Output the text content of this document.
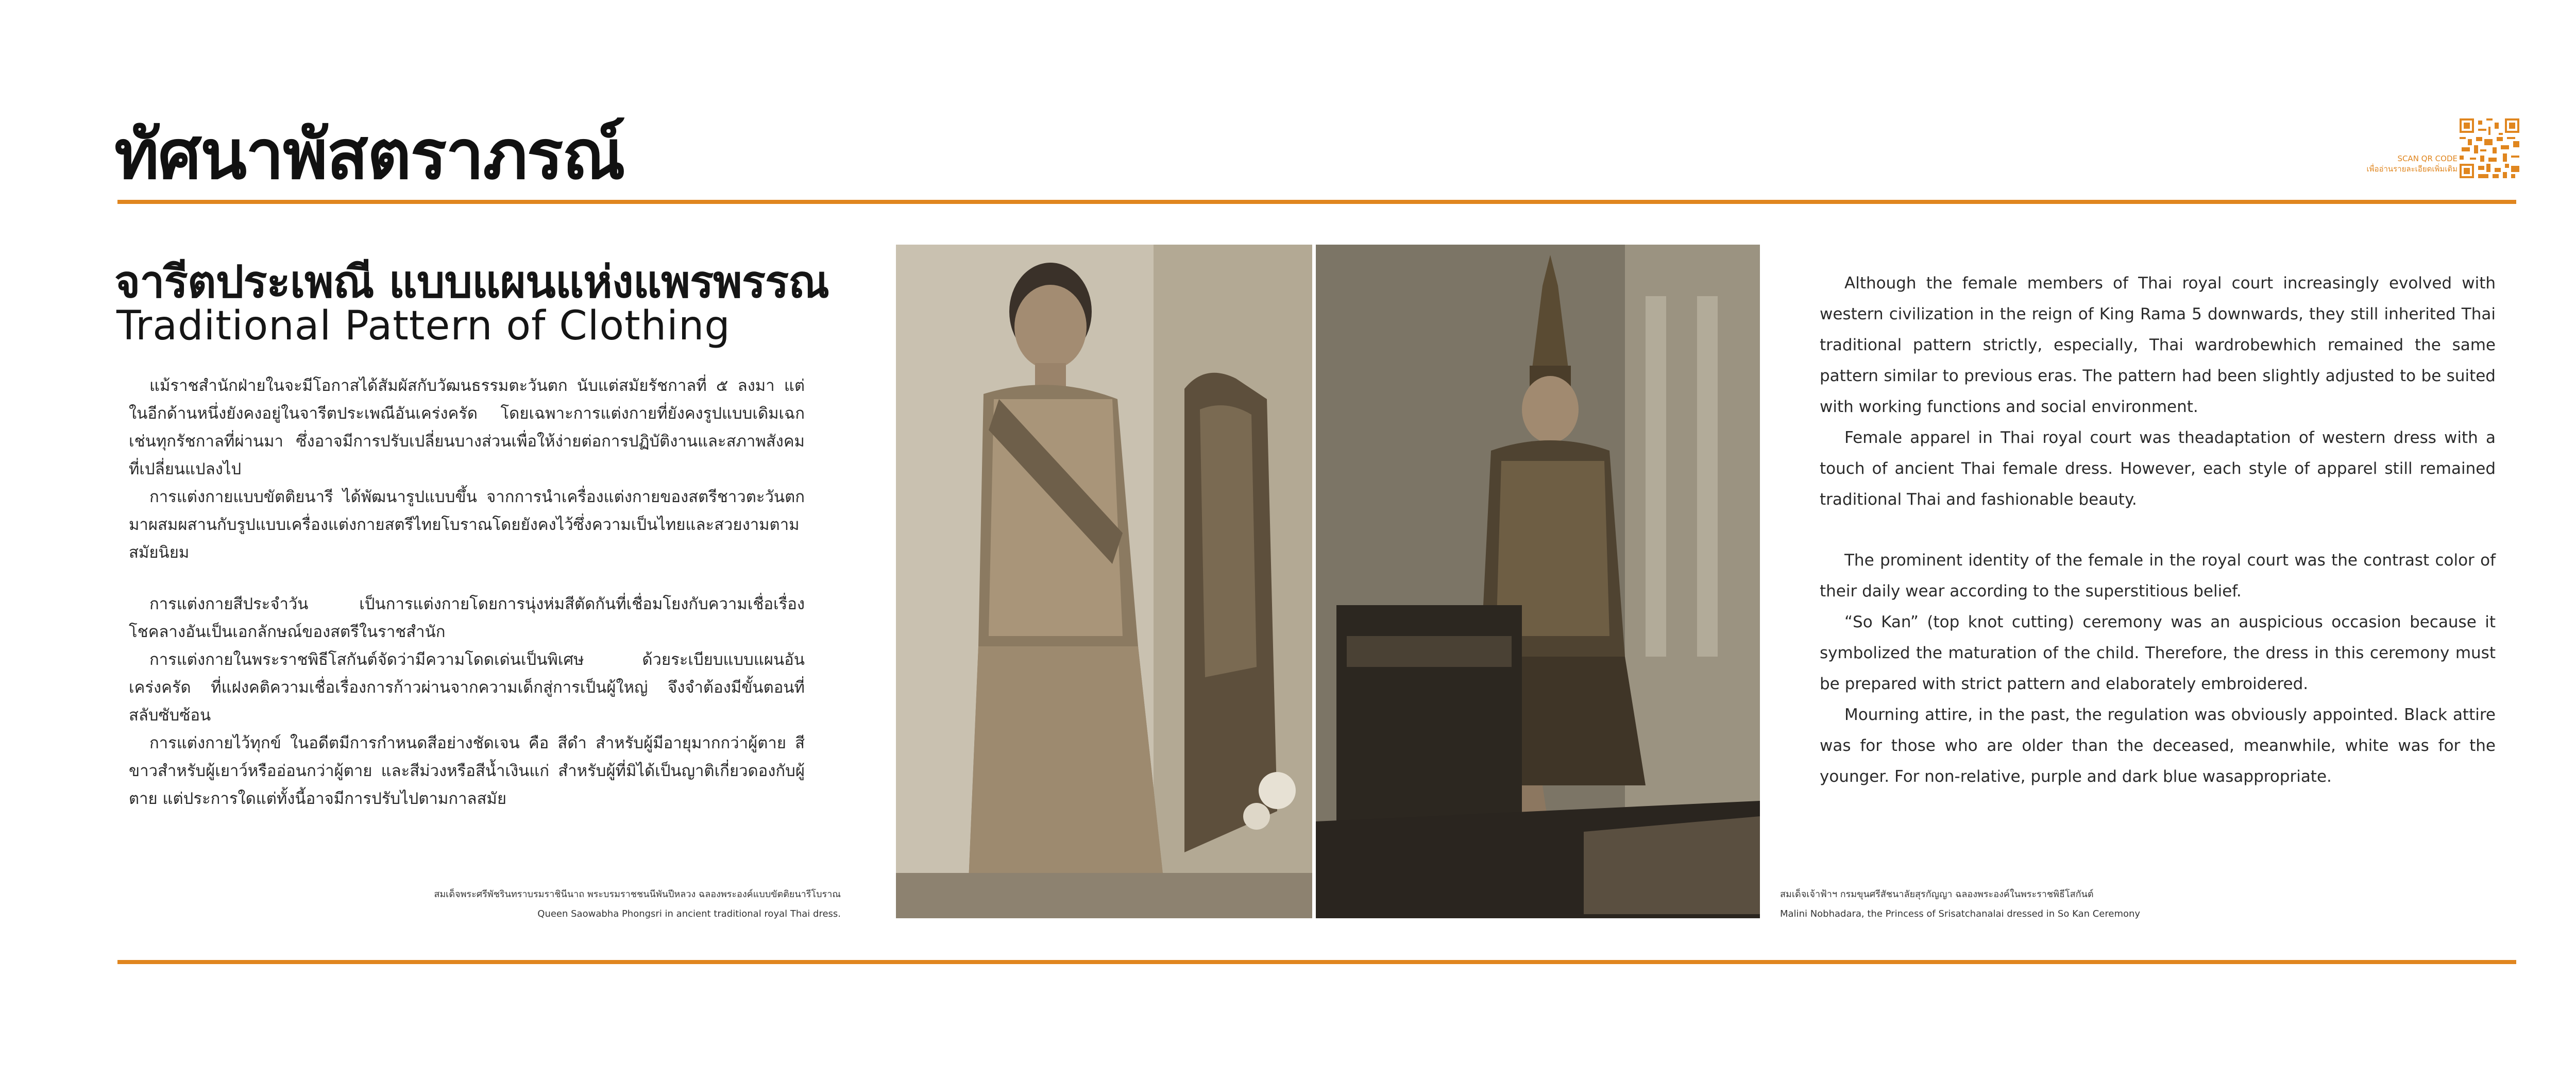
ทัศนาพัสตราภรณ์	SCAN QR CODE
เพื่ออ่านรายละเอียดเพิ่มเติม
จารีตประเพณี แบบแผนแห่งแพรพรรณ
Traditional Pattern of Clothing

แม้ราชสำนักฝ่ายในจะมีโอกาสได้สัมผัสกับวัฒนธรรมตะวันตก นับแต่สมัยรัชกาลที่ ๕ ลงมา แต่ในอีกด้านหนึ่งยังคงอยู่ในจารีตประเพณีอันเคร่งครัด โดยเฉพาะการแต่งกายที่ยังคงรูปแบบเดิมเฉกเช่นทุกรัชกาลที่ผ่านมา ซึ่งอาจมีการปรับเปลี่ยนบางส่วนเพื่อให้ง่ายต่อการปฏิบัติงานและสภาพสังคมที่เปลี่ยนแปลงไป

การแต่งกายแบบขัตติยนารี ได้พัฒนารูปแบบขึ้น จากการนำเครื่องแต่งกายของสตรีชาวตะวันตกมาผสมผสานกับรูปแบบเครื่องแต่งกายสตรีไทยโบราณโดยยังคงไว้ซึ่งความเป็นไทยและสวยงามตามสมัยนิยม

การแต่งกายสีประจำวัน เป็นการแต่งกายโดยการนุ่งห่มสีตัดกันที่เชื่อมโยงกับความเชื่อเรื่องโชคลางอันเป็นเอกลักษณ์ของสตรีในราชสำนัก

การแต่งกายในพระราชพิธีโสกันต์จัดว่ามีความโดดเด่นเป็นพิเศษ ด้วยระเบียบแบบแผนอันเคร่งครัด ที่แฝงคติความเชื่อเรื่องการก้าวผ่านจากความเด็กสู่การเป็นผู้ใหญ่ จึงจำต้องมีขั้นตอนที่สลับซับซ้อน

การแต่งกายไว้ทุกข์ ในอดีตมีการกำหนดสีอย่างชัดเจน คือ สีดำ สำหรับผู้มีอายุมากกว่าผู้ตาย สีขาวสำหรับผู้เยาว์หรืออ่อนกว่าผู้ตาย และสีม่วงหรือสีน้ำเงินแก่ สำหรับผู้ที่มิได้เป็นญาติเกี่ยวดองกับผู้ตาย แต่ประการใดแต่ทั้งนี้อาจมีการปรับไปตามกาลสมัย

สมเด็จพระศรีพัชรินทราบรมราชินีนาถ พระบรมราชชนนีพันปีหลวง ฉลองพระองค์แบบขัตติยนารีโบราณ
Queen Saowabha Phongsri in ancient traditional royal Thai dress.
สมเด็จเจ้าฟ้าฯ กรมขุนศรีสัชนาลัยสุรกัญญา ฉลองพระองค์ในพระราชพิธีโสกันต์
Malini Nobhadara, the Princess of Srisatchanalai dressed in So Kan Ceremony

Although the female members of Thai royal court increasingly evolved with western civilization in the reign of King Rama 5 downwards, they still inherited Thai traditional pattern strictly, especially, Thai wardrobewhich remained the same pattern similar to previous eras. The pattern had been slightly adjusted to be suited with working functions and social environment.

Female apparel in Thai royal court was theadaptation of western dress with a touch of ancient Thai female dress. However, each style of apparel still remained traditional Thai and fashionable beauty.

The prominent identity of the female in the royal court was the contrast color of their daily wear according to the superstitious belief.

“So Kan” (top knot cutting) ceremony was an auspicious occasion because it symbolized the maturation of the child. Therefore, the dress in this ceremony must be prepared with strict pattern and elaborately embroidered.

Mourning attire, in the past, the regulation was obviously appointed. Black attire was for those who are older than the deceased, meanwhile, white was for the younger. For non-relative, purple and dark blue wasappropriate.
